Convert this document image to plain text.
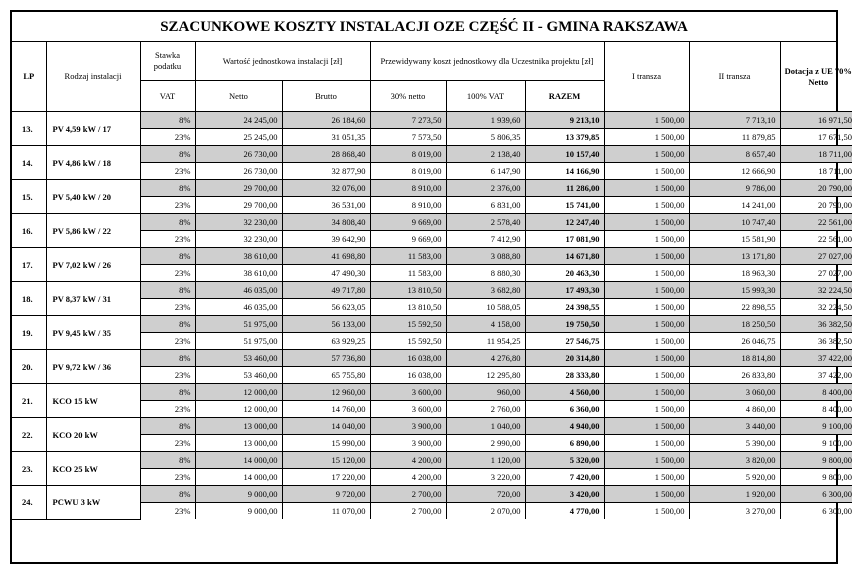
SZACUNKOWE KOSZTY INSTALACJI OZE CZĘŚĆ II - GMINA RAKSZAWA
LP	Rodzaj instalacji	Stawka podatku	Wartość jednostkowa instalacji [zł]		Przewidywany koszt jednostkowy dla Uczestnika projektu [zł]			I transza	II transza	Dotacja z UE 70% Netto
		VAT	Netto	Brutto	30% netto	100% VAT	RAZEM			
13.	PV 4,59 kW / 17	8%	24 245,00	26 184,60	7 273,50	1 939,60	9 213,10	1 500,00	7 713,10	16 971,50
		23%	25 245,00	31 051,35	7 573,50	5 806,35	13 379,85	1 500,00	11 879,85	17 671,50
14.	PV 4,86 kW / 18	8%	26 730,00	28 868,40	8 019,00	2 138,40	10 157,40	1 500,00	8 657,40	18 711,00
		23%	26 730,00	32 877,90	8 019,00	6 147,90	14 166,90	1 500,00	12 666,90	18 711,00
15.	PV 5,40 kW / 20	8%	29 700,00	32 076,00	8 910,00	2 376,00	11 286,00	1 500,00	9 786,00	20 790,00
		23%	29 700,00	36 531,00	8 910,00	6 831,00	15 741,00	1 500,00	14 241,00	20 790,00
16.	PV 5,86 kW / 22	8%	32 230,00	34 808,40	9 669,00	2 578,40	12 247,40	1 500,00	10 747,40	22 561,00
		23%	32 230,00	39 642,90	9 669,00	7 412,90	17 081,90	1 500,00	15 581,90	22 561,00
17.	PV 7,02 kW / 26	8%	38 610,00	41 698,80	11 583,00	3 088,80	14 671,80	1 500,00	13 171,80	27 027,00
		23%	38 610,00	47 490,30	11 583,00	8 880,30	20 463,30	1 500,00	18 963,30	27 027,00
18.	PV 8,37 kW / 31	8%	46 035,00	49 717,80	13 810,50	3 682,80	17 493,30	1 500,00	15 993,30	32 224,50
		23%	46 035,00	56 623,05	13 810,50	10 588,05	24 398,55	1 500,00	22 898,55	32 224,50
19.	PV 9,45 kW / 35	8%	51 975,00	56 133,00	15 592,50	4 158,00	19 750,50	1 500,00	18 250,50	36 382,50
		23%	51 975,00	63 929,25	15 592,50	11 954,25	27 546,75	1 500,00	26 046,75	36 382,50
20.	PV 9,72 kW / 36	8%	53 460,00	57 736,80	16 038,00	4 276,80	20 314,80	1 500,00	18 814,80	37 422,00
		23%	53 460,00	65 755,80	16 038,00	12 295,80	28 333,80	1 500,00	26 833,80	37 422,00
21.	KCO 15 kW	8%	12 000,00	12 960,00	3 600,00	960,00	4 560,00	1 500,00	3 060,00	8 400,00
		23%	12 000,00	14 760,00	3 600,00	2 760,00	6 360,00	1 500,00	4 860,00	8 400,00
22.	KCO 20 kW	8%	13 000,00	14 040,00	3 900,00	1 040,00	4 940,00	1 500,00	3 440,00	9 100,00
		23%	13 000,00	15 990,00	3 900,00	2 990,00	6 890,00	1 500,00	5 390,00	9 100,00
23.	KCO 25 kW	8%	14 000,00	15 120,00	4 200,00	1 120,00	5 320,00	1 500,00	3 820,00	9 800,00
		23%	14 000,00	17 220,00	4 200,00	3 220,00	7 420,00	1 500,00	5 920,00	9 800,00
24.	PCWU 3 kW	8%	9 000,00	9 720,00	2 700,00	720,00	3 420,00	1 500,00	1 920,00	6 300,00
		23%	9 000,00	11 070,00	2 700,00	2 070,00	4 770,00	1 500,00	3 270,00	6 300,00
